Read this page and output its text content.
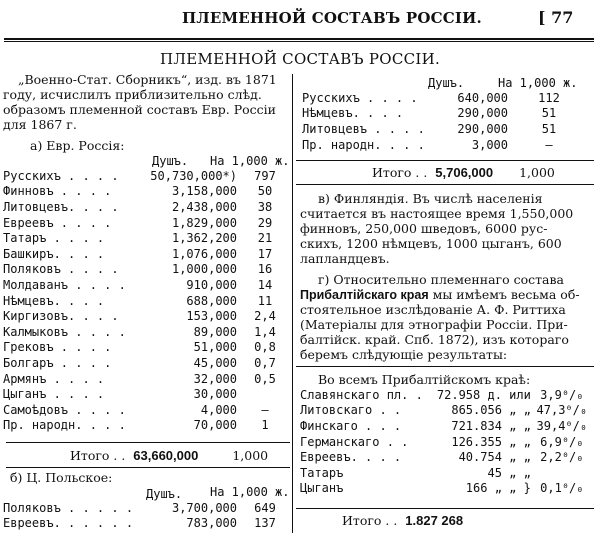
ПЛЕМЕННОЙ СОСТАВЪ РОССІИ.	[ 77
ПЛЕМЕННОЙ СОСТАВЪ РОССІИ.
„Военно-Стат. Сборникъ“, изд. въ 1871
году, исчислилъ приблизительно слѣд.
образомъ племенной составъ Евр. Россіи
для 1867 г.
а) Евр. Россія:
Душъ. На 1,000 ж.
Русскихъ . . . .	50,730,000*)	797
Финновъ . . . .	3,158,000	50
Литовцевъ. . . .	2,438,000	38
Евреевъ . . . .	1,829,000	29
Татаръ . . . .	1,362,200	21
Башкиръ. . . .	1,076,000	17
Поляковъ . . . .	1,000,000	16
Молдаванъ . . . .	910,000	14
Нѣмцевъ. . . .	688,000	11
Киргизовъ. . . .	153,000	2,4
Калмыковъ . . . .	89,000	1,4
Грековъ . . . .	51,000	0,8
Болгаръ . . . .	45,000	0,7
Армянъ . . . .	32,000	0,5
Цыганъ . . . .	30,000	
Самоѣдовъ . . . .	4,000	—
Пр. народн. . . .	70,000	1
Итого . . 63,660,000	1,000
б) Ц. Польское:
Душъ. На 1,000 ж.
Поляковъ . . . . .	3,700,000	649
Евреевъ. . . . . .	783,000	137
Душъ.	На 1,000 ж.
Русскихъ . . . .	640,000	112
Нѣмцевъ. . . .	290,000	51
Литовцевъ . . . .	290,000	51
Пр. народн. . . .	3,000	—
Итого . . 5,706,000 1,000
в) Финляндія. Въ числѣ населенія
считается въ настоящее время 1,550,000
финновъ, 250,000 шведовъ, 6000 рус-
скихъ, 1200 нѣмцевъ, 1000 цыганъ, 600
лапландцевъ.
г) Относительно племеннаго состава
Прибалтійскаго края мы имѣемъ весьма об-
стоятельное изслѣдованіе А. Ф. Риттиха
(Матеріалы для этнографіи Россіи. При-
балтійск. край. Спб. 1872), изъ котораго
беремъ слѣдующіе результаты:
Во всемъ Прибалтійскомъ краѣ:
Славянскаго пл. .	72.958 д. или	3,9⁰/₀
Литовскаго . .	865.056 „ „	47,3⁰/₀
Финскаго . . .	721.834 „ „	39,4⁰/₀
Германскаго . .	126.355 „ „	6,9⁰/₀
Евреевъ. . . .	40.754 „ „	2,2⁰/₀
Татаръ	45 „ „	
Цыганъ	166 „ „ }	0,1⁰/₀
Итого . . 1.827 268
